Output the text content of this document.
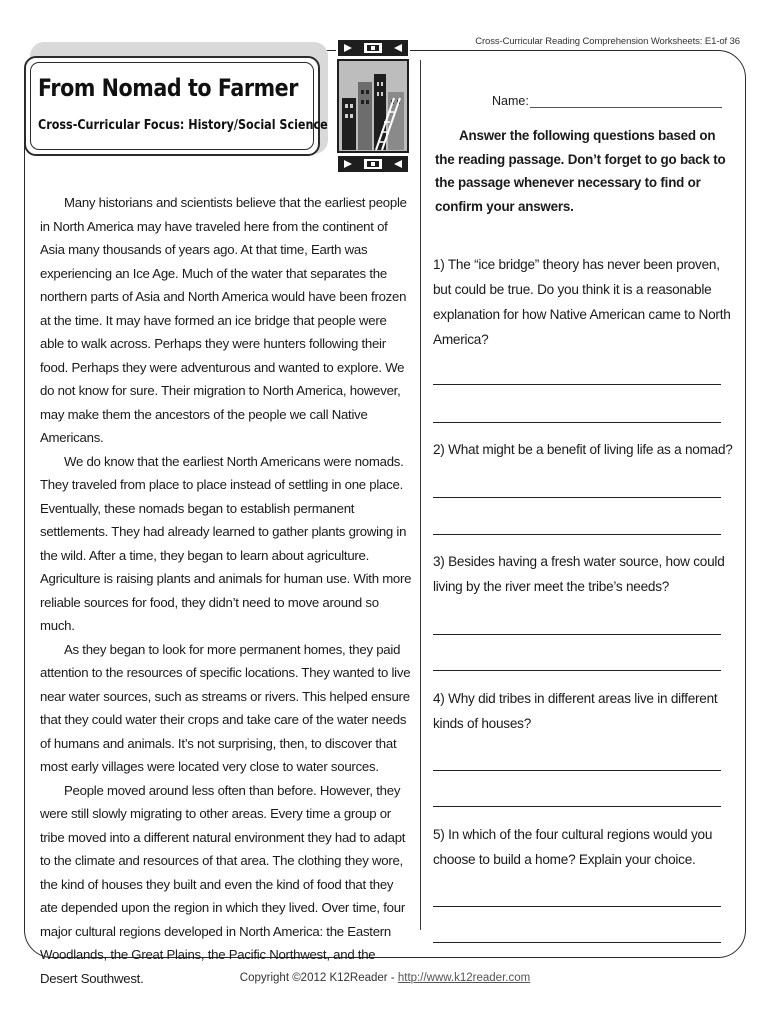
Cross-Curricular Reading Comprehension Worksheets: E1-of 36
From Nomad to Farmer
Cross-Curricular Focus: History/Social Science

Many historians and scientists believe that the earliest people in North America may have traveled here from the continent of Asia many thousands of years ago. At that time, Earth was experiencing an Ice Age. Much of the water that separates the northern parts of Asia and North America would have been frozen at the time. It may have formed an ice bridge that people were able to walk across. Perhaps they were hunters following their food. Perhaps they were adventurous and wanted to explore. We do not know for sure. Their migration to North America, however, may make them the ancestors of the people we call Native Americans.

We do know that the earliest North Americans were nomads. They traveled from place to place instead of settling in one place. Eventually, these nomads began to establish permanent settlements. They had already learned to gather plants growing in the wild. After a time, they began to learn about agriculture. Agriculture is raising plants and animals for human use. With more reliable sources for food, they didn’t need to move around so much.

As they began to look for more permanent homes, they paid attention to the resources of specific locations. They wanted to live near water sources, such as streams or rivers. This helped ensure that they could water their crops and take care of the water needs of humans and animals. It’s not surprising, then, to discover that most early villages were located very close to water sources.

People moved around less often than before. However, they were still slowly migrating to other areas. Every time a group or tribe moved into a different natural environment they had to adapt to the climate and resources of that area. The clothing they wore, the kind of houses they built and even the kind of food that they ate depended upon the region in which they lived. Over time, four major cultural regions developed in North America: the Eastern Woodlands, the Great Plains, the Pacific Northwest, and the Desert Southwest.

Name:

Answer the following questions based on the reading passage. Don’t forget to go back to the passage whenever necessary to find or confirm your answers.

1) The “ice bridge” theory has never been proven, but could be true. Do you think it is a reasonable explanation for how Native American came to North America?
2) What might be a benefit of living life as a nomad?
3) Besides having a fresh water source, how could living by the river meet the tribe’s needs?
4) Why did tribes in different areas live in different kinds of houses?
5) In which of the four cultural regions would you choose to build a home? Explain your choice.
Copyright ©2012 K12Reader - http://www.k12reader.com
